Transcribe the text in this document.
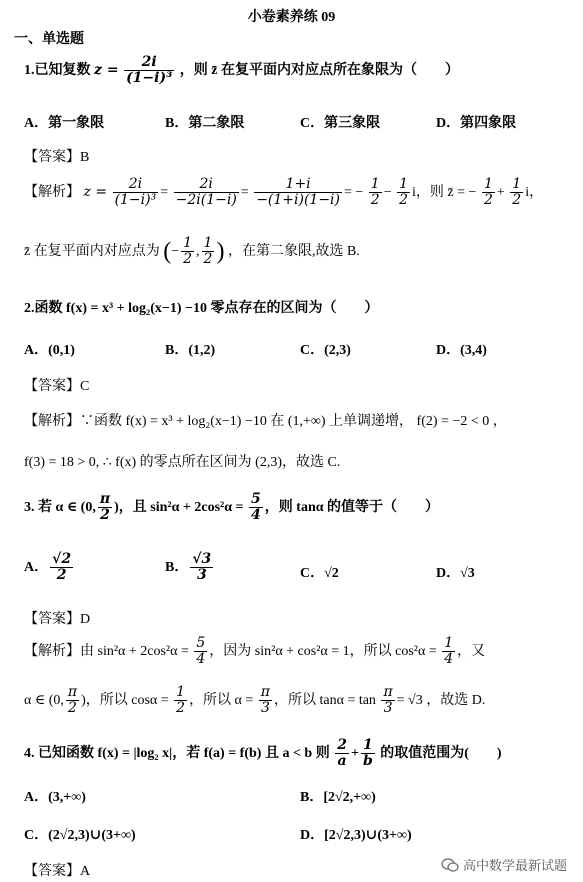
小卷素养练 09
一、单选题
1.已知复数 $z = \frac{2i}{\text{(1−i)³}}$ ，则 z̄ 在复平面内对应点所在象限为（　　）
A．第一象限	B．第二象限	C．第三象限	D．第四象限
【答案】B
【解析】 $z = \frac{2i}{\text{(1−i)³}} = \frac{2i}{-2i(1-i)} = \frac{1+i}{-(1+i)(1-i)}$ = − $\frac{1}{2} - \frac{1}{2}$ i，则 z̄ = − $\frac{1}{2} + \frac{1}{2}$ i，
z̄ 在复平面内对应点为 (− $\frac{1}{2}$ , $\frac{1}{2}$ ) ，在第二象限,故选 B.
2.函数 f(x) = x³ + log₂(x−1) −10 零点存在的区间为（　　）
A．(0,1)	B．(1,2)	C．(2,3)	D．(3,4)
【答案】C
【解析】∵函数 f(x) = x³ + log₂(x−1) −10 在 (1,+∞) 上单调递增， f(2) = −2 < 0 ，
f(3) = 18 > 0, ∴ f(x) 的零点所在区间为 (2,3)，故选 C.
3. 若 α ∈ (0, $\frac{\pi}{2}$ )，且 $\sin^2\alpha + 2\cos^2\alpha = \frac{5}{4}$ ，则 tanα 的值等于（　　）
A． $\frac{√2}{2}$	B． $\frac{√3}{3}$	C．√2	D．√3
【答案】D
【解析】由 $\sin^2\alpha + 2\cos^2\alpha = \frac{5}{4}$ ，因为 sin²α + cos²α = 1，所以 $\cos^2\alpha = \frac{1}{4}$ ，又
α ∈ (0, $\frac{\pi}{2}$ )，所以 $\cos\alpha = \frac{1}{2}$ ，所以 $\alpha = \frac{\pi}{3}$ ，所以 $\tan\alpha = \tan \frac{\pi}{3} = √3$ ，故选 D.
4. 已知函数 f(x) = |log₂ x|，若 f(a) = f(b) 且 a < b 则 $\frac{2}{a} + \frac{1}{b}$ 的取值范围为(　　)
A．(3,+∞)	B．[2√2,+∞)
C．(2√2,3)∪(3+∞)	D．[2√2,3)∪(3+∞)
【答案】A	高中数学最新试题
